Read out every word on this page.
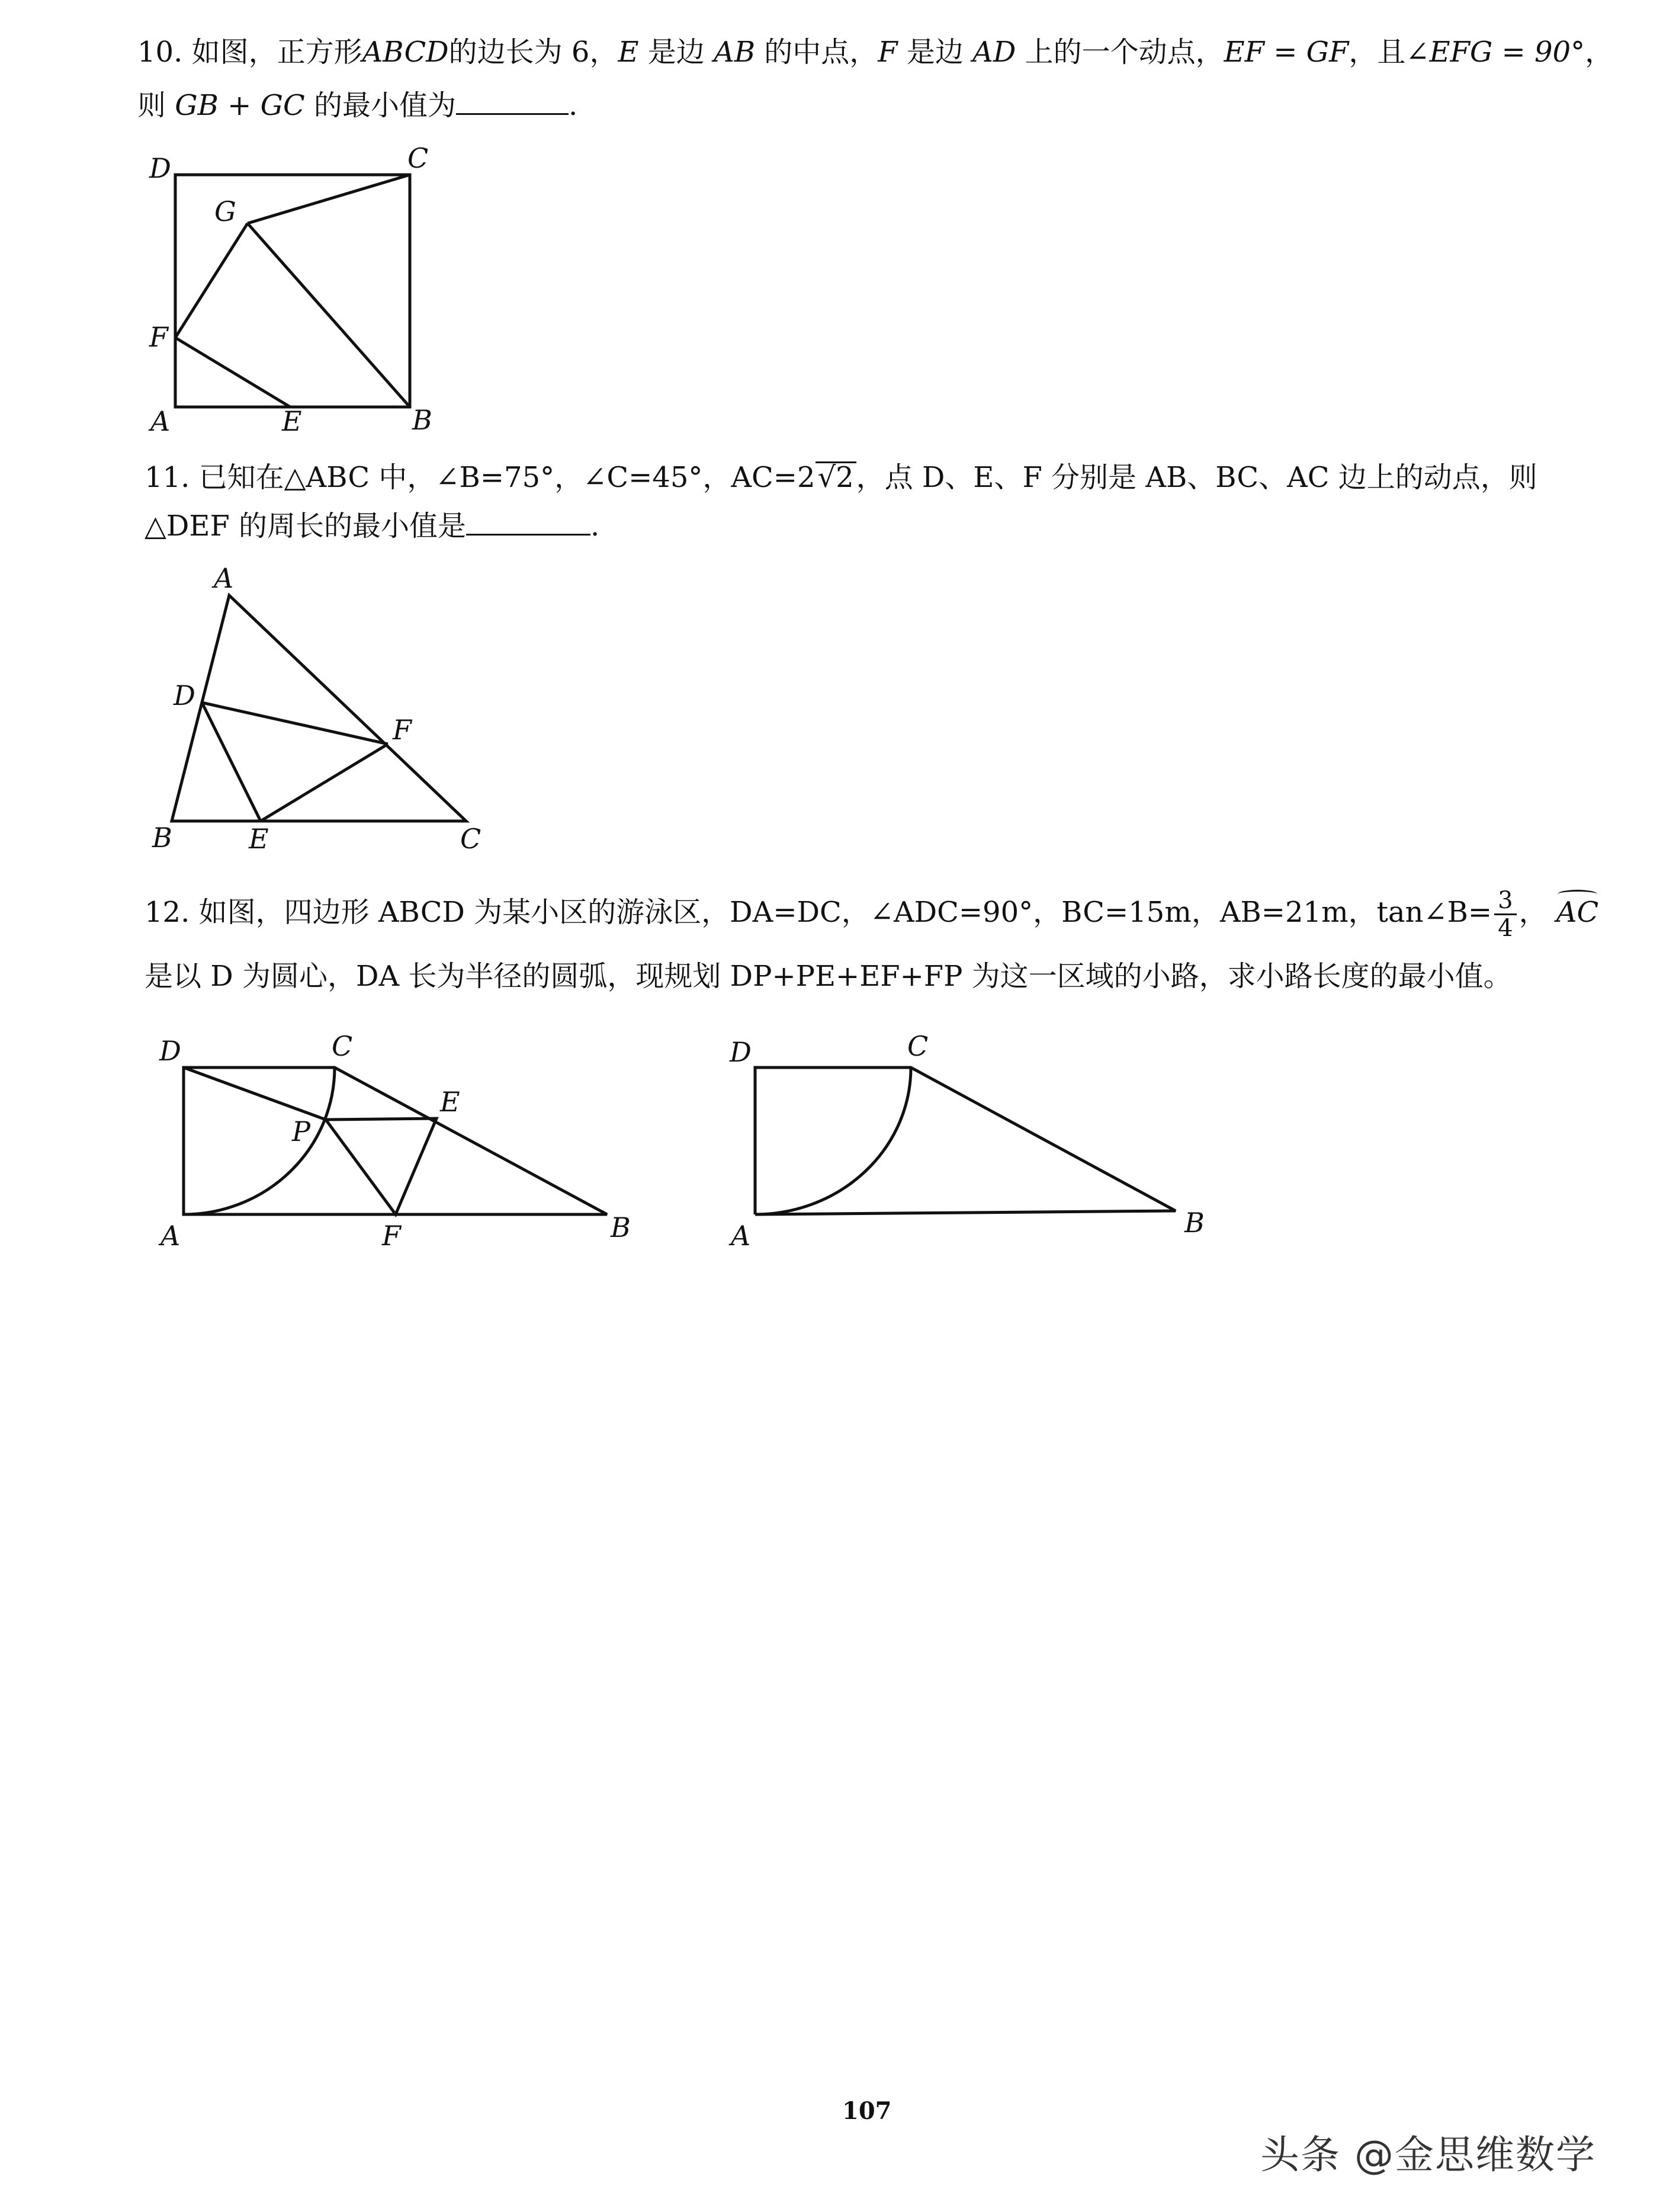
10. 如图，正方形ABCD的边长为 6，E 是边 AB 的中点，F 是边 AD 上的一个动点，EF = GF，且∠EFG = 90°，
则 GB + GC 的最小值为	.
D	C
G
F
A	E	B
11. 已知在△ABC 中，∠B=75°，∠C=45°，AC=2√2，点 D、E、F 分别是 AB、BC、AC 边上的动点，则
△DEF 的周长的最小值是	.
A
D
F
B	E	C
12. 如图，四边形 ABCD 为某小区的游泳区，DA=DC，∠ADC=90°，BC=15m，AB=21m，tan∠B= $\frac{3}{4}$ ， AC
是以 D 为圆心，DA 长为半径的圆弧，现规划 DP+PE+EF+FP 为这一区域的小路，求小路长度的最小值。
D	C
E
P
A	F	B
D	C
A	B
107
头条 @金思维数学
